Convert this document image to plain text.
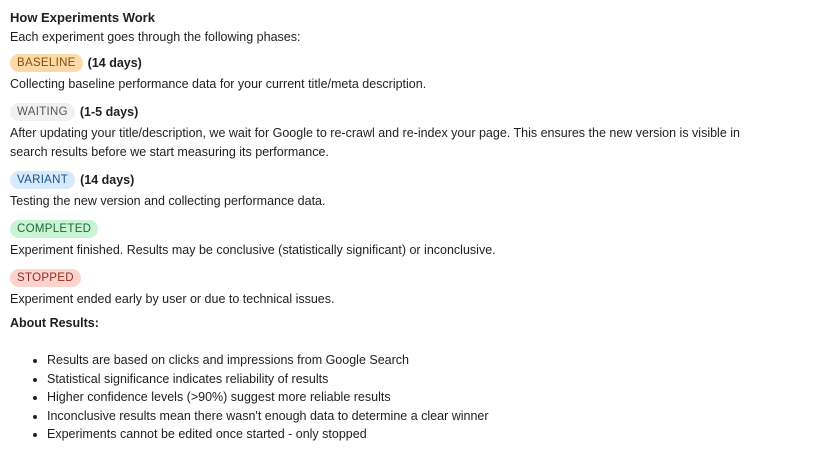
How Experiments Work
Each experiment goes through the following phases:
BASELINE (14 days)
Collecting baseline performance data for your current title/meta description.
WAITING (1-5 days)
After updating your title/description, we wait for Google to re-crawl and re-index your page. This ensures the new version is visible in search results before we start measuring its performance.
VARIANT (14 days)
Testing the new version and collecting performance data.
COMPLETED
Experiment finished. Results may be conclusive (statistically significant) or inconclusive.
STOPPED
Experiment ended early by user or due to technical issues.
About Results:
Results are based on clicks and impressions from Google Search
Statistical significance indicates reliability of results
Higher confidence levels (>90%) suggest more reliable results
Inconclusive results mean there wasn't enough data to determine a clear winner
Experiments cannot be edited once started - only stopped
